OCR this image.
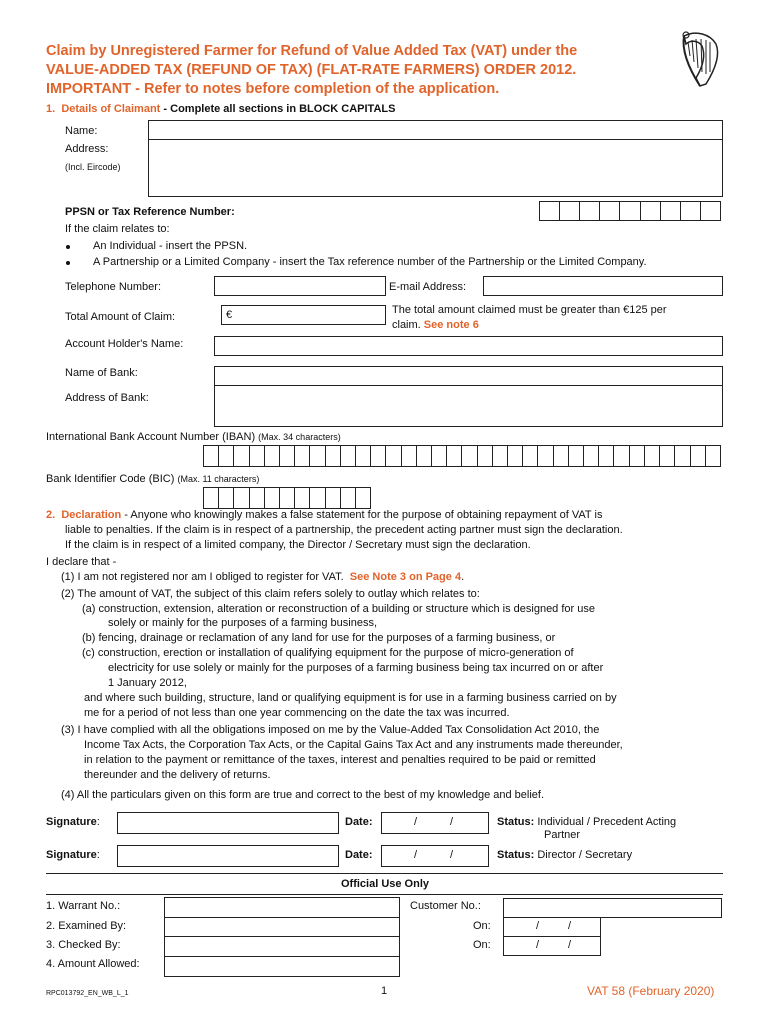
Claim by Unregistered Farmer for Refund of Value Added Tax (VAT) under the
VALUE-ADDED TAX (REFUND OF TAX) (FLAT-RATE FARMERS) ORDER 2012.
IMPORTANT - Refer to notes before completion of the application.
1. Details of Claimant - Complete all sections in BLOCK CAPITALS
Name:
Address:
(Incl. Eircode)
PPSN or Tax Reference Number:
If the claim relates to:
An Individual - insert the PPSN.
A Partnership or a Limited Company - insert the Tax reference number of the Partnership or the Limited Company.
Telephone Number:	E-mail Address:
Total Amount of Claim:	€	The total amount claimed must be greater than €125 per
claim. See note 6
Account Holder's Name:
Name of Bank:
Address of Bank:
International Bank Account Number (IBAN) (Max. 34 characters)
Bank Identifier Code (BIC) (Max. 11 characters)
2. Declaration - Anyone who knowingly makes a false statement for the purpose of obtaining repayment of VAT is
liable to penalties. If the claim is in respect of a partnership, the precedent acting partner must sign the declaration.
If the claim is in respect of a limited company, the Director / Secretary must sign the declaration.
I declare that -
(1) I am not registered nor am I obliged to register for VAT. See Note 3 on Page 4.
(2) The amount of VAT, the subject of this claim refers solely to outlay which relates to:
(a) construction, extension, alteration or reconstruction of a building or structure which is designed for use
solely or mainly for the purposes of a farming business,
(b) fencing, drainage or reclamation of any land for use for the purposes of a farming business, or
(c) construction, erection or installation of qualifying equipment for the purpose of micro-generation of
electricity for use solely or mainly for the purposes of a farming business being tax incurred on or after
1 January 2012,
and where such building, structure, land or qualifying equipment is for use in a farming business carried on by
me for a period of not less than one year commencing on the date the tax was incurred.
(3) I have complied with all the obligations imposed on me by the Value-Added Tax Consolidation Act 2010, the
Income Tax Acts, the Corporation Tax Acts, or the Capital Gains Tax Act and any instruments made thereunder,
in relation to the payment or remittance of the taxes, interest and penalties required to be paid or remitted
thereunder and the delivery of returns.
(4) All the particulars given on this form are true and correct to the best of my knowledge and belief.
Signature:	Date:	/	/	Status: Individual / Precedent Acting
Partner
Signature:	Date:	/	/	Status: Director / Secretary
Official Use Only
1. Warrant No.:
2. Examined By:
3. Checked By:
4. Amount Allowed:
Customer No.:
On:	/	/
On:	/	/
RPC013792_EN_WB_L_1	1	VAT 58 (February 2020)
